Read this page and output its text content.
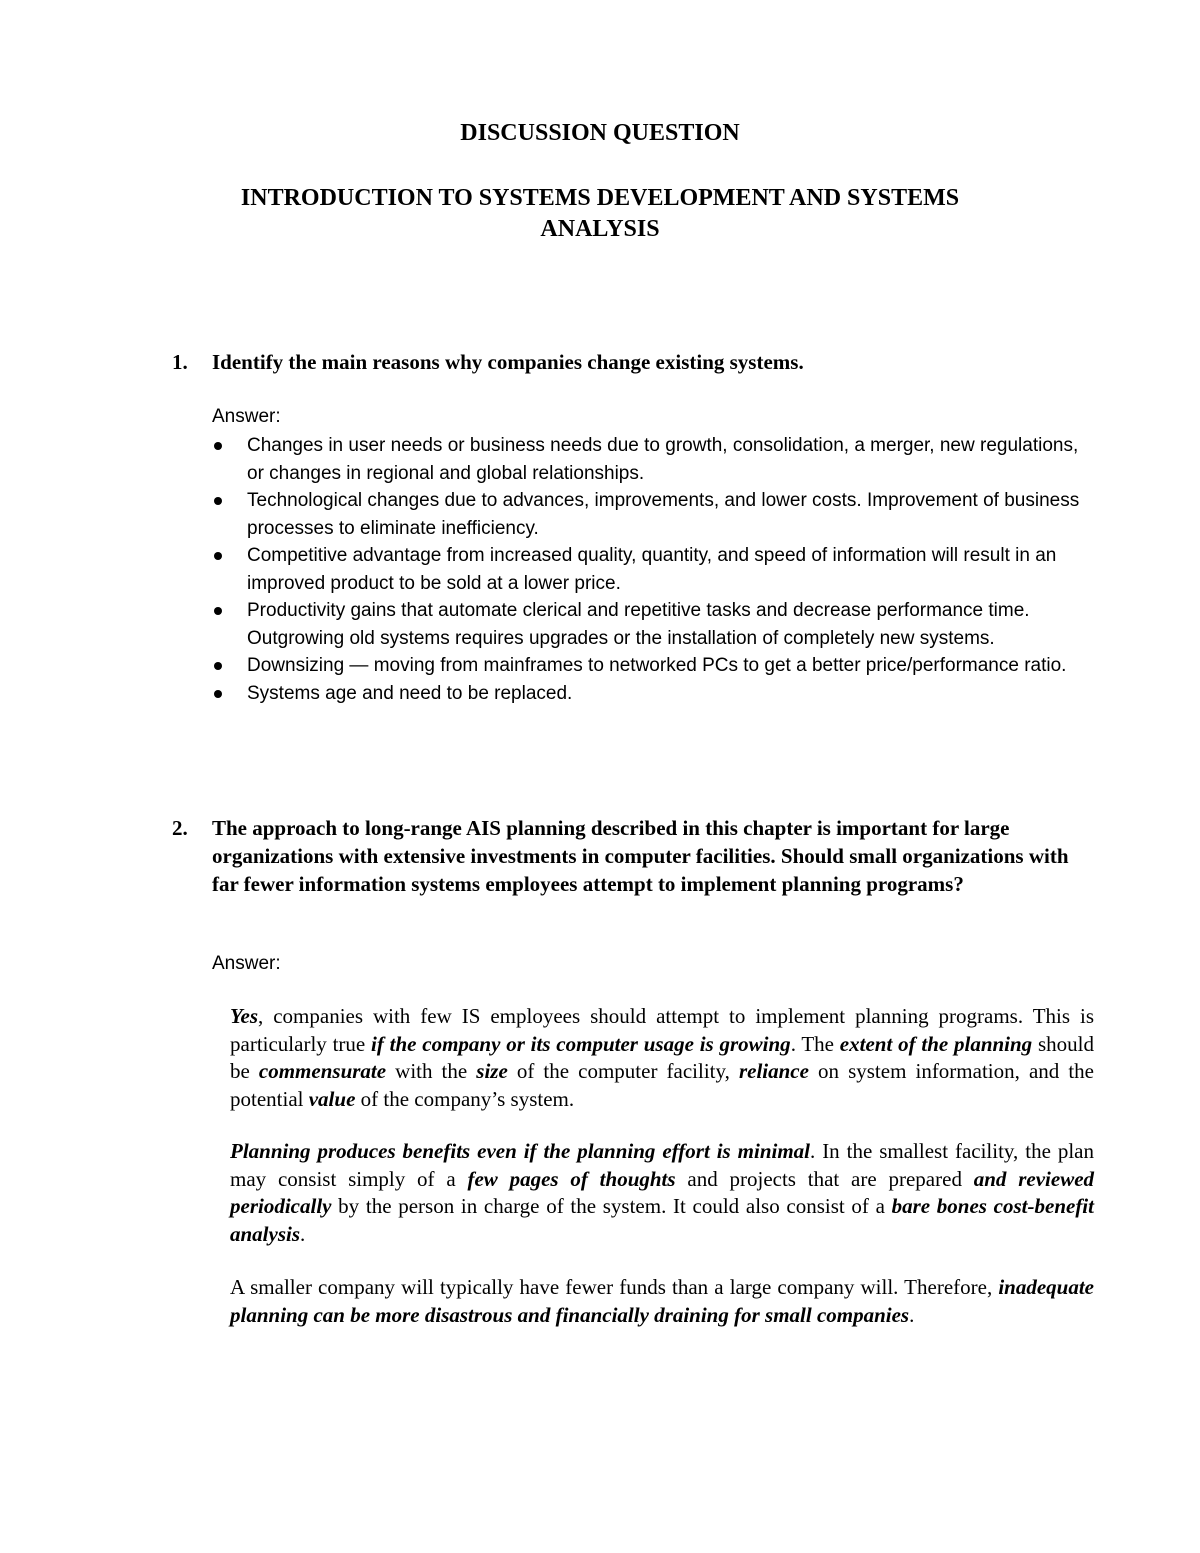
DISCUSSION QUESTION
INTRODUCTION TO SYSTEMS DEVELOPMENT AND SYSTEMS
ANALYSIS
1. Identify the main reasons why companies change existing systems.
Answer:
Changes in user needs or business needs due to growth, consolidation, a merger, new regulations, or changes in regional and global relationships.
Technological changes due to advances, improvements, and lower costs. Improvement of business processes to eliminate inefficiency.
Competitive advantage from increased quality, quantity, and speed of information will result in an improved product to be sold at a lower price.
Productivity gains that automate clerical and repetitive tasks and decrease performance time. Outgrowing old systems requires upgrades or the installation of completely new systems.
Downsizing — moving from mainframes to networked PCs to get a better price/performance ratio.
Systems age and need to be replaced.
2. The approach to long-range AIS planning described in this chapter is important for large organizations with extensive investments in computer facilities. Should small organizations with far fewer information systems employees attempt to implement planning programs?
Answer:
Yes, companies with few IS employees should attempt to implement planning programs. This is particularly true if the company or its computer usage is growing. The extent of the planning should be commensurate with the size of the computer facility, reliance on system information, and the potential value of the company’s system.
Planning produces benefits even if the planning effort is minimal. In the smallest facility, the plan may consist simply of a few pages of thoughts and projects that are prepared and reviewed periodically by the person in charge of the system. It could also consist of a bare bones cost-benefit analysis.
A smaller company will typically have fewer funds than a large company will. Therefore, inadequate planning can be more disastrous and financially draining for small companies.
